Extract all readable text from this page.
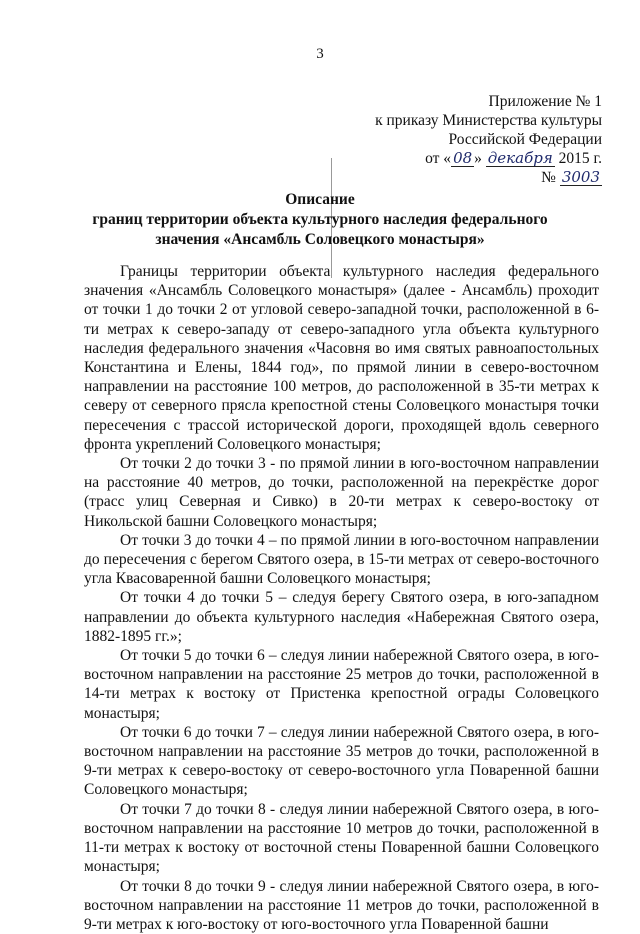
3
Приложение № 1
к приказу Министерства культуры
Российской Федерации
от « 08 » декабря 2015 г.
№ 3003
Описание
границ территории объекта культурного наследия федерального
значения «Ансамбль Соловецкого монастыря»

Границы территории объекта культурного наследия федерального значения «Ансамбль Соловецкого монастыря» (далее - Ансамбль) проходит от точки 1 до точки 2 от угловой северо-западной точки, расположенной в 6-ти метрах к северо-западу от северо-западного угла объекта культурного наследия федерального значения «Часовня во имя святых равноапостольных Константина и Елены, 1844 год», по прямой линии в северо-восточном направлении на расстояние 100 метров, до расположенной в 35-ти метрах к северу от северного прясла крепостной стены Соловецкого монастыря точки пересечения с трассой исторической дороги, проходящей вдоль северного фронта укреплений Соловецкого монастыря;

От точки 2 до точки 3 - по прямой линии в юго-восточном направлении на расстояние 40 метров, до точки, расположенной на перекрёстке дорог (трасс улиц Северная и Сивко) в 20-ти метрах к северо-востоку от Никольской башни Соловецкого монастыря;

От точки 3 до точки 4 – по прямой линии в юго-восточном направлении до пересечения с берегом Святого озера, в 15-ти метрах от северо-восточного угла Квасоваренной башни Соловецкого монастыря;

От точки 4 до точки 5 – следуя берегу Святого озера, в юго-западном направлении до объекта культурного наследия «Набережная Святого озера, 1882-1895 гг.»;

От точки 5 до точки 6 – следуя линии набережной Святого озера, в юго-восточном направлении на расстояние 25 метров до точки, расположенной в 14-ти метрах к востоку от Пристенка крепостной ограды Соловецкого монастыря;

От точки 6 до точки 7 – следуя линии набережной Святого озера, в юго-восточном направлении на расстояние 35 метров до точки, расположенной в 9-ти метрах к северо-востоку от северо-восточного угла Поваренной башни Соловецкого монастыря;

От точки 7 до точки 8 - следуя линии набережной Святого озера, в юго-восточном направлении на расстояние 10 метров до точки, расположенной в 11-ти метрах к востоку от восточной стены Поваренной башни Соловецкого монастыря;

От точки 8 до точки 9 - следуя линии набережной Святого озера, в юго-восточном направлении на расстояние 11 метров до точки, расположенной в 9-ти метрах к юго-востоку от юго-восточного угла Поваренной башни
